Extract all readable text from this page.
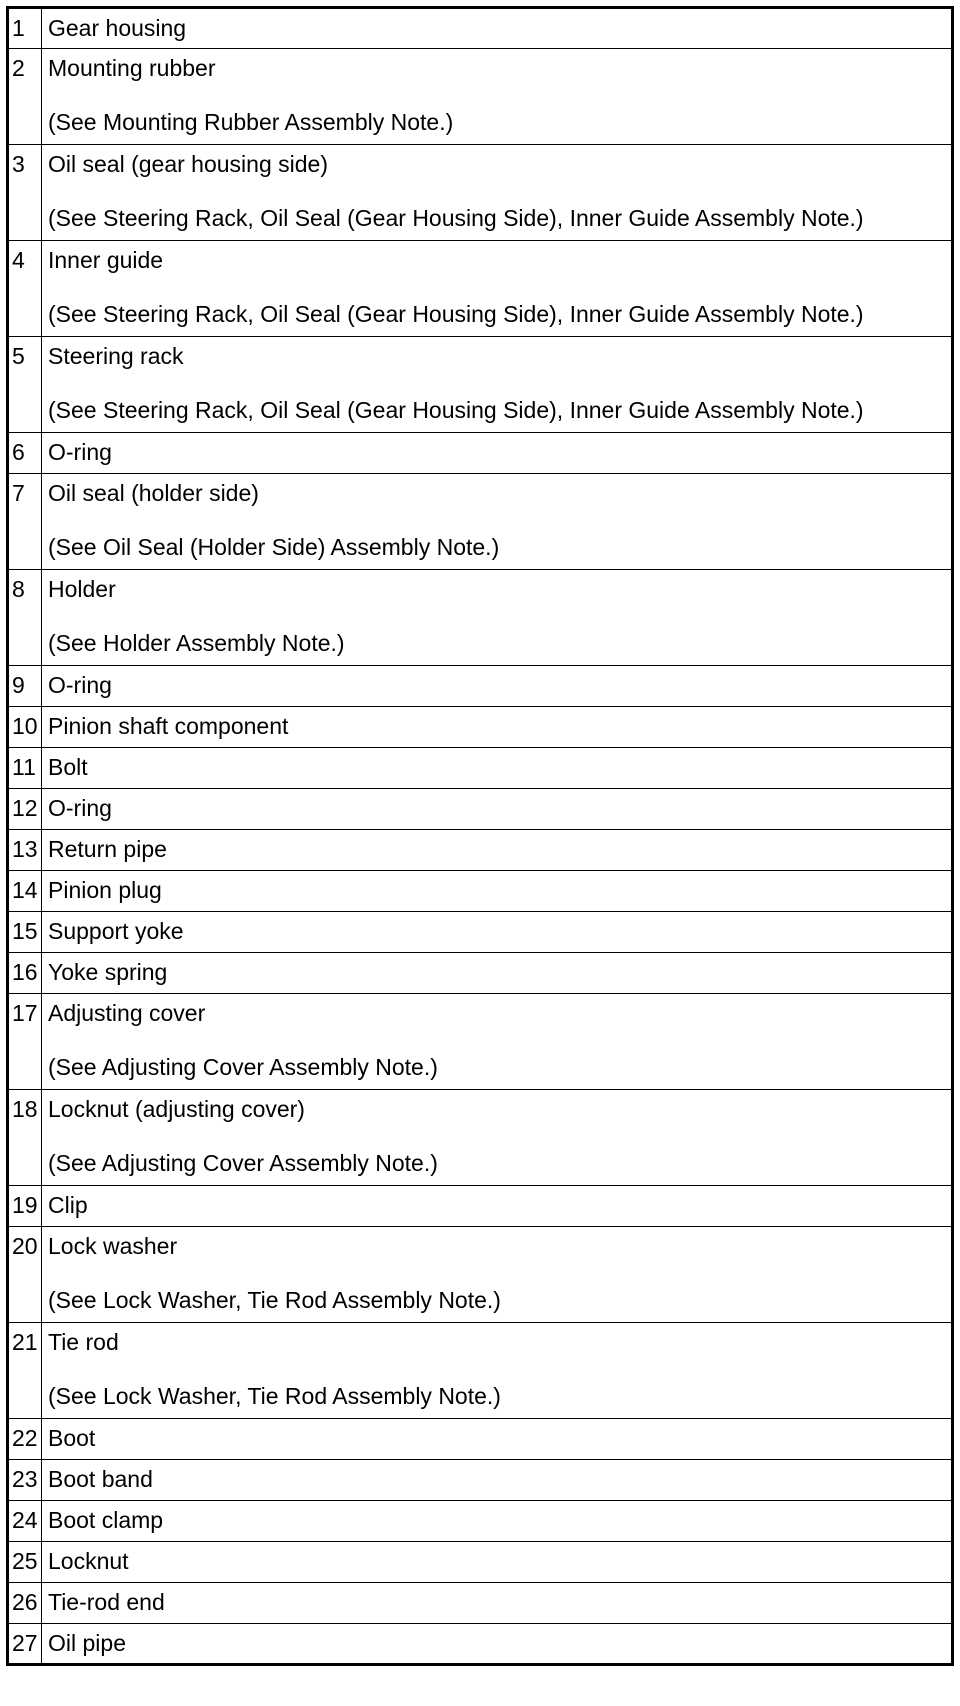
1	Gear housing

2	Mounting rubber
(See Mounting Rubber Assembly Note.)

3	Oil seal (gear housing side)
(See Steering Rack, Oil Seal (Gear Housing Side), Inner Guide Assembly Note.)

4	Inner guide
(See Steering Rack, Oil Seal (Gear Housing Side), Inner Guide Assembly Note.)

5	Steering rack
(See Steering Rack, Oil Seal (Gear Housing Side), Inner Guide Assembly Note.)

6	O-ring

7	Oil seal (holder side)
(See Oil Seal (Holder Side) Assembly Note.)

8	Holder
(See Holder Assembly Note.)

9	O-ring

10	Pinion shaft component

11	Bolt

12	O-ring

13	Return pipe

14	Pinion plug

15	Support yoke

16	Yoke spring

17	Adjusting cover
(See Adjusting Cover Assembly Note.)

18	Locknut (adjusting cover)
(See Adjusting Cover Assembly Note.)

19	Clip

20	Lock washer
(See Lock Washer, Tie Rod Assembly Note.)

21	Tie rod
(See Lock Washer, Tie Rod Assembly Note.)

22	Boot

23	Boot band

24	Boot clamp

25	Locknut

26	Tie-rod end

27	Oil pipe
